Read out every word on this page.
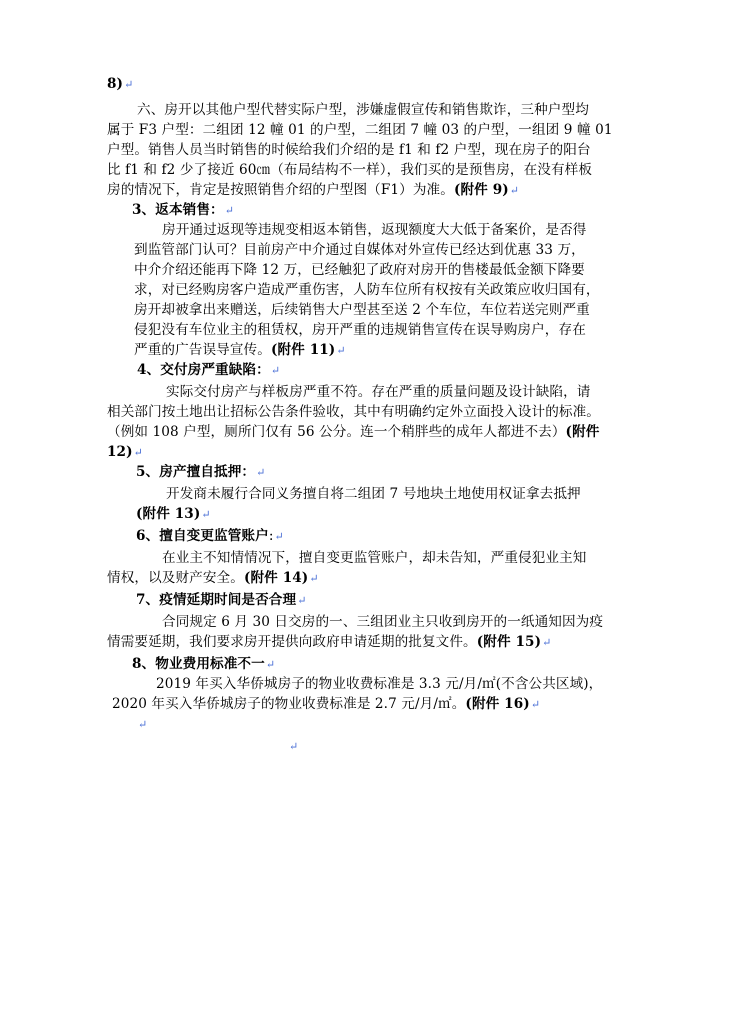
8)↵
六、房开以其他户型代替实际户型，涉嫌虚假宣传和销售欺诈，三种户型均
属于 F3 户型：二组团 12 幢 01 的户型，二组团 7 幢 03 的户型，一组团 9 幢 01
户型。销售人员当时销售的时候给我们介绍的是 f1 和 f2 户型，现在房子的阳台
比 f1 和 f2 少了接近 60㎝（布局结构不一样），我们买的是预售房，在没有样板
房的情况下，肯定是按照销售介绍的户型图（F1）为准。(附件 9)↵
3、返本销售：↵
房开通过返现等违规变相返本销售，返现额度大大低于备案价，是否得
到监管部门认可？目前房产中介通过自媒体对外宣传已经达到优惠 33 万，
中介介绍还能再下降 12 万，已经触犯了政府对房开的售楼最低金额下降要
求，对已经购房客户造成严重伤害，人防车位所有权按有关政策应收归国有，
房开却被拿出来赠送，后续销售大户型甚至送 2 个车位，车位若送完则严重
侵犯没有车位业主的租赁权，房开严重的违规销售宣传在误导购房户，存在
严重的广告误导宣传。(附件 11)↵
4、交付房严重缺陷：↵
实际交付房产与样板房严重不符。存在严重的质量问题及设计缺陷，请
相关部门按土地出让招标公告条件验收，其中有明确约定外立面投入设计的标准。
（例如 108 户型，厕所门仅有 56 公分。连一个稍胖些的成年人都进不去）(附件
12)↵
5、房产擅自抵押：↵
开发商未履行合同义务擅自将二组团 7 号地块土地使用权证拿去抵押
(附件 13)↵
6、擅自变更监管账户:↵
在业主不知情情况下，擅自变更监管账户，却未告知，严重侵犯业主知
情权，以及财产安全。(附件 14)↵
7、疫情延期时间是否合理↵
合同规定 6 月 30 日交房的一、三组团业主只收到房开的一纸通知因为疫
情需要延期，我们要求房开提供向政府申请延期的批复文件。(附件 15)↵
8、物业费用标准不一↵
2019 年买入华侨城房子的物业收费标准是 3.3 元/月/㎡(不含公共区域)，
2020 年买入华侨城房子的物业收费标准是 2.7 元/月/㎡。(附件 16)↵
↵
↵
